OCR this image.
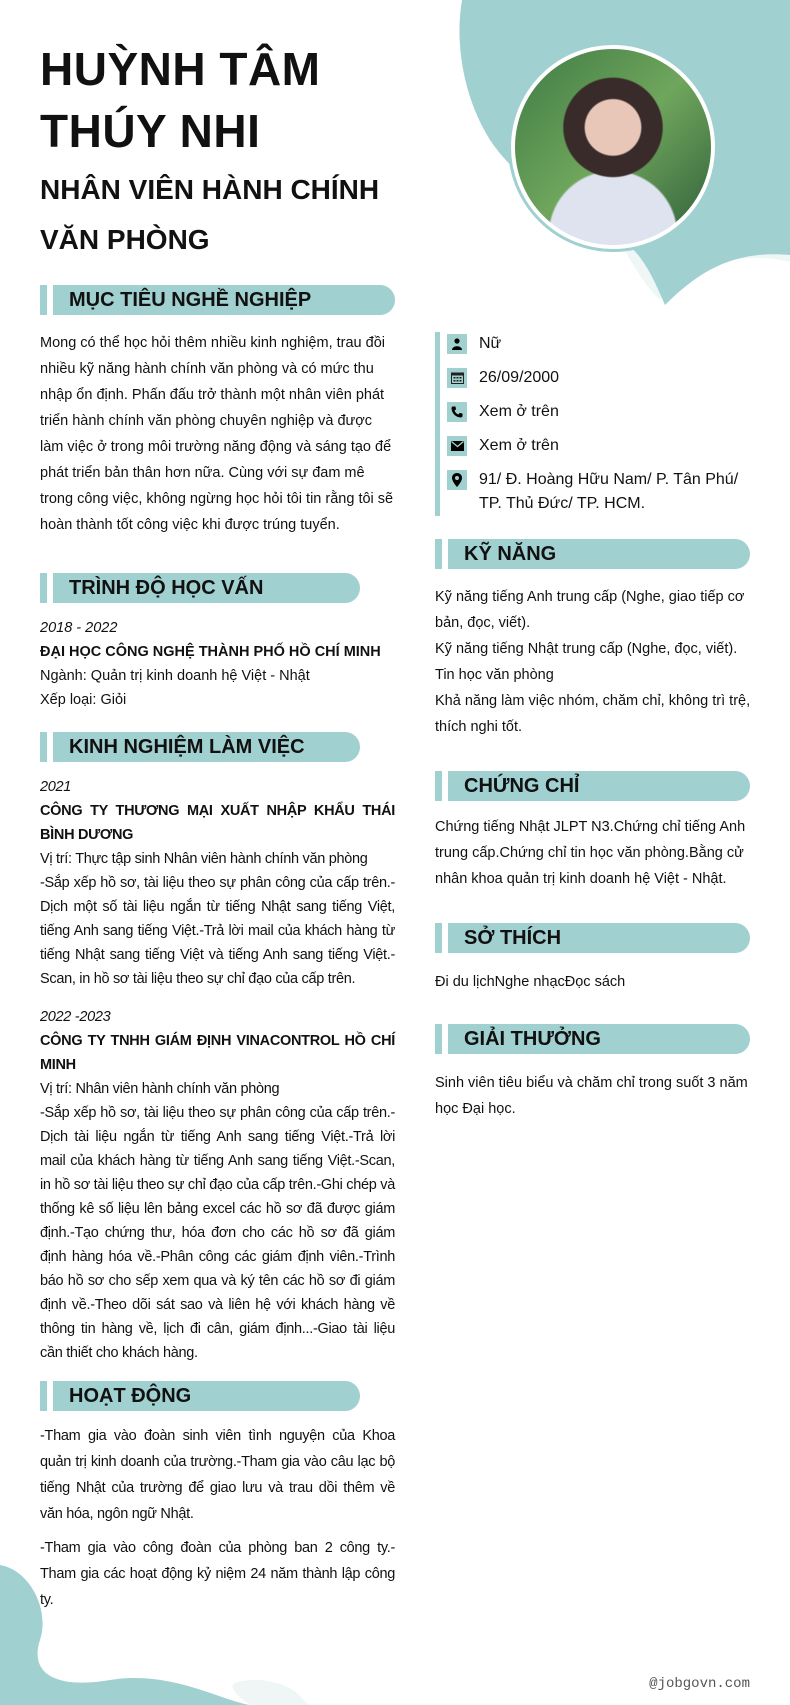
HUỲNH TÂM
THÚY NHI
NHÂN VIÊN HÀNH CHÍNH
VĂN PHÒNG
MỤC TIÊU NGHỀ NGHIỆP
Mong có thể học hỏi thêm nhiều kinh nghiệm, trau đồi nhiều kỹ năng hành chính văn phòng và có mức thu nhập ổn định. Phấn đấu trở thành một nhân viên phát triển hành chính văn phòng chuyên nghiệp và được làm việc ở trong môi trường năng động và sáng tạo để phát triển bản thân hơn nữa. Cùng với sự đam mê trong công việc, không ngừng học hỏi tôi tin rằng tôi sẽ hoàn thành tốt công việc khi được trúng tuyển.
TRÌNH ĐỘ HỌC VẤN
2018 - 2022
ĐẠI HỌC CÔNG NGHỆ THÀNH PHỐ HỒ CHÍ MINH
Ngành: Quản trị kinh doanh hệ Việt - Nhật
Xếp loại: Giỏi
KINH NGHIỆM LÀM VIỆC
2021
CÔNG TY THƯƠNG MẠI XUẤT NHẬP KHẨU THÁI BÌNH DƯƠNG
Vị trí: Thực tập sinh Nhân viên hành chính văn phòng
-Sắp xếp hồ sơ, tài liệu theo sự phân công của cấp trên.-Dịch một số tài liệu ngắn từ tiếng Nhật sang tiếng Việt, tiếng Anh sang tiếng Việt.-Trả lời mail của khách hàng từ tiếng Nhật sang tiếng Việt và tiếng Anh sang tiếng Việt.-Scan, in hồ sơ tài liệu theo sự chỉ đạo của cấp trên.
2022 -2023
CÔNG TY TNHH GIÁM ĐỊNH VINACONTROL HỒ CHÍ MINH
Vị trí: Nhân viên hành chính văn phòng
-Sắp xếp hồ sơ, tài liệu theo sự phân công của cấp trên.-Dịch tài liệu ngắn từ tiếng Anh sang tiếng Việt.-Trả lời mail của khách hàng từ tiếng Anh sang tiếng Việt.-Scan, in hồ sơ tài liệu theo sự chỉ đạo của cấp trên.-Ghi chép và thống kê số liệu lên bảng excel các hồ sơ đã được giám định.-Tạo chứng thư, hóa đơn cho các hồ sơ đã giám định hàng hóa về.-Phân công các giám định viên.-Trình báo hồ sơ cho sếp xem qua và ký tên các hồ sơ đi giám định về.-Theo dõi sát sao và liên hệ với khách hàng về thông tin hàng về, lịch đi cân, giám định...-Giao tài liệu cần thiết cho khách hàng.
HOẠT ĐỘNG
-Tham gia vào đoàn sinh viên tình nguyện của Khoa quản trị kinh doanh của trường.-Tham gia vào câu lạc bộ tiếng Nhật của trường để giao lưu và trau dồi thêm về văn hóa, ngôn ngữ Nhật.
-Tham gia vào công đoàn của phòng ban 2 công ty.-Tham gia các hoạt động kỷ niệm 24 năm thành lập công ty.
Nữ
26/09/2000
Xem ở trên
Xem ở trên
91/ Đ. Hoàng Hữu Nam/ P. Tân Phú/ TP. Thủ Đức/ TP. HCM.
KỸ NĂNG
Kỹ năng tiếng Anh trung cấp (Nghe, giao tiếp cơ bản, đọc, viết).
Kỹ năng tiếng Nhật trung cấp (Nghe, đọc, viết).
Tin học văn phòng
Khả năng làm việc nhóm, chăm chỉ, không trì trệ, thích nghi tốt.
CHỨNG CHỈ
Chứng tiếng Nhật JLPT N3.Chứng chỉ tiếng Anh trung cấp.Chứng chỉ tin học văn phòng.Bằng cử nhân khoa quản trị kinh doanh hệ Việt - Nhật.
SỞ THÍCH
Đi du lịchNghe nhạcĐọc sách
GIẢI THƯỞNG
Sinh viên tiêu biểu và chăm chỉ trong suốt 3 năm học Đại học.
@jobgovn.com
